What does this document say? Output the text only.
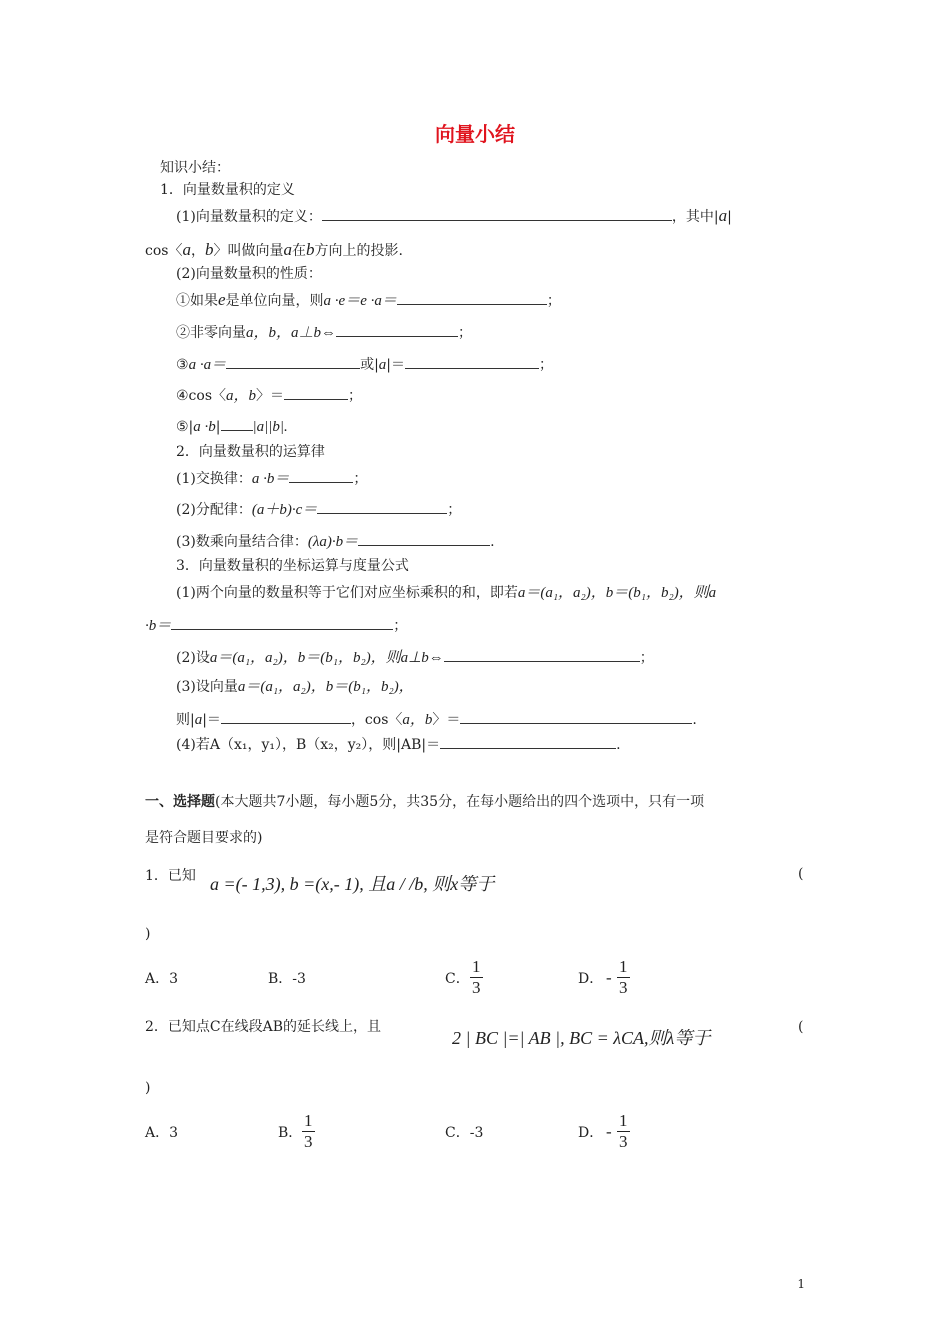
向量小结
知识小结：
1．向量数量积的定义
(1)向量数量积的定义：	，其中|a|
cos〈a，b〉叫做向量a在b方向上的投影.
(2)向量数量积的性质：
①如果e是单位向量，则a ·e＝e ·a＝	；
②非零向量a，b，a⊥b⇔	；
③a ·a＝	或|a|＝	；
④cos〈a，b〉＝	；
⑤|a ·b| |a||b|.
2．向量数量积的运算律
(1)交换律：a ·b＝	；
(2)分配律：(a＋b)·c＝	；
(3)数乘向量结合律：(λa)·b＝	.
3．向量数量积的坐标运算与度量公式
(1)两个向量的数量积等于它们对应坐标乘积的和，即若a＝(a₁，a₂)，b＝(b₁，b₂)，则a
·b＝	；
(2)设a＝(a₁，a₂)，b＝(b₁，b₂)，则a⊥b⇔	；
(3)设向量a＝(a₁，a₂)，b＝(b₁，b₂)，
则|a|＝	，cos〈a，b〉＝	.
(4)若A（x₁，y₁），B（x₂，y₂），则|AB|＝	.
一、选择题(本大题共7小题，每小题5分，共35分，在每小题给出的四个选项中，只有一项
是符合题目要求的)
1．已知 a =(- 1,3), b =(x,- 1), 且a / /b, 则x等于	(
)
A．3	B．-3	C．
1
3	D． -
1
3
2．已知点C在线段AB的延长线上，且
2 | BC |=| AB |, BC = λCA,则λ等于
(
)
A．3	B．
1
3	C．-3	D． -
1
3
1
